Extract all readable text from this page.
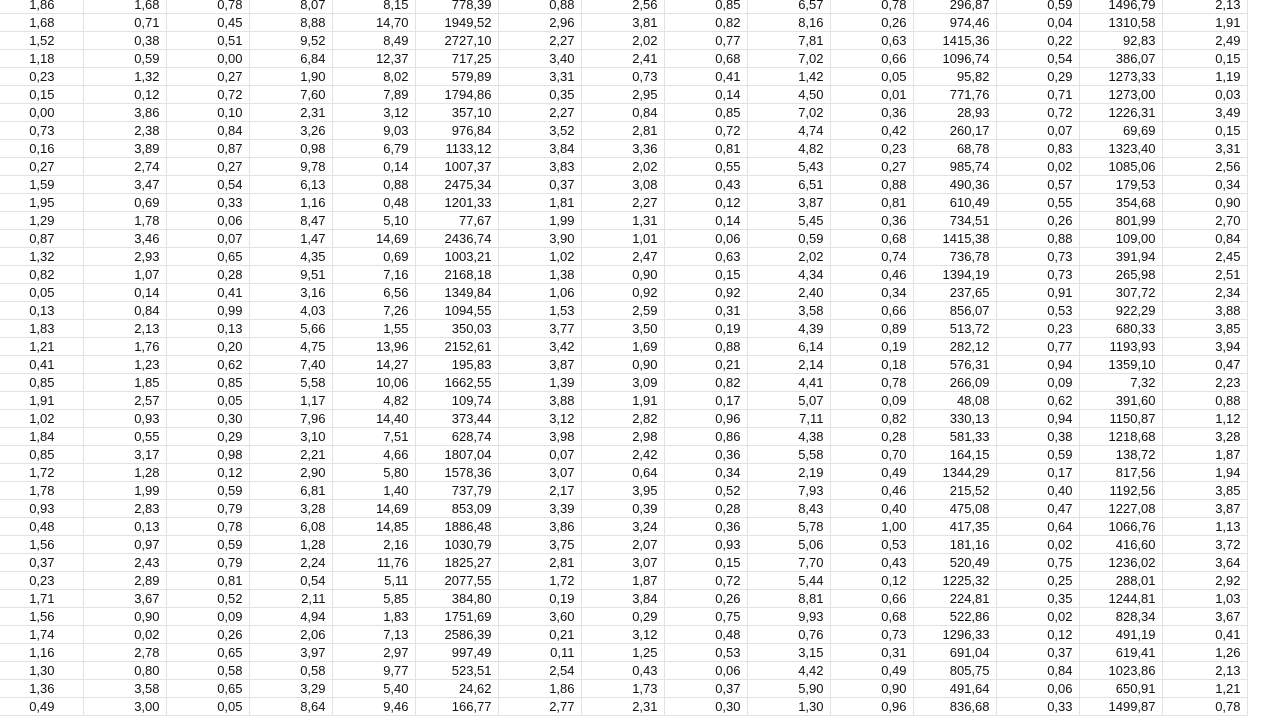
1,86	1,68	0,78	8,07	8,15	778,39	0,88	2,56	0,85	6,57	0,78	296,87	0,59	1496,79	2,13
1,68	0,71	0,45	8,88	14,70	1949,52	2,96	3,81	0,82	8,16	0,26	974,46	0,04	1310,58	1,91
1,52	0,38	0,51	9,52	8,49	2727,10	2,27	2,02	0,77	7,81	0,63	1415,36	0,22	92,83	2,49
1,18	0,59	0,00	6,84	12,37	717,25	3,40	2,41	0,68	7,02	0,66	1096,74	0,54	386,07	0,15
0,23	1,32	0,27	1,90	8,02	579,89	3,31	0,73	0,41	1,42	0,05	95,82	0,29	1273,33	1,19
0,15	0,12	0,72	7,60	7,89	1794,86	0,35	2,95	0,14	4,50	0,01	771,76	0,71	1273,00	0,03
0,00	3,86	0,10	2,31	3,12	357,10	2,27	0,84	0,85	7,02	0,36	28,93	0,72	1226,31	3,49
0,73	2,38	0,84	3,26	9,03	976,84	3,52	2,81	0,72	4,74	0,42	260,17	0,07	69,69	0,15
0,16	3,89	0,87	0,98	6,79	1133,12	3,84	3,36	0,81	4,82	0,23	68,78	0,83	1323,40	3,31
0,27	2,74	0,27	9,78	0,14	1007,37	3,83	2,02	0,55	5,43	0,27	985,74	0,02	1085,06	2,56
1,59	3,47	0,54	6,13	0,88	2475,34	0,37	3,08	0,43	6,51	0,88	490,36	0,57	179,53	0,34
1,95	0,69	0,33	1,16	0,48	1201,33	1,81	2,27	0,12	3,87	0,81	610,49	0,55	354,68	0,90
1,29	1,78	0,06	8,47	5,10	77,67	1,99	1,31	0,14	5,45	0,36	734,51	0,26	801,99	2,70
0,87	3,46	0,07	1,47	14,69	2436,74	3,90	1,01	0,06	0,59	0,68	1415,38	0,88	109,00	0,84
1,32	2,93	0,65	4,35	0,69	1003,21	1,02	2,47	0,63	2,02	0,74	736,78	0,73	391,94	2,45
0,82	1,07	0,28	9,51	7,16	2168,18	1,38	0,90	0,15	4,34	0,46	1394,19	0,73	265,98	2,51
0,05	0,14	0,41	3,16	6,56	1349,84	1,06	0,92	0,92	2,40	0,34	237,65	0,91	307,72	2,34
0,13	0,84	0,99	4,03	7,26	1094,55	1,53	2,59	0,31	3,58	0,66	856,07	0,53	922,29	3,88
1,83	2,13	0,13	5,66	1,55	350,03	3,77	3,50	0,19	4,39	0,89	513,72	0,23	680,33	3,85
1,21	1,76	0,20	4,75	13,96	2152,61	3,42	1,69	0,88	6,14	0,19	282,12	0,77	1193,93	3,94
0,41	1,23	0,62	7,40	14,27	195,83	3,87	0,90	0,21	2,14	0,18	576,31	0,94	1359,10	0,47
0,85	1,85	0,85	5,58	10,06	1662,55	1,39	3,09	0,82	4,41	0,78	266,09	0,09	7,32	2,23
1,91	2,57	0,05	1,17	4,82	109,74	3,88	1,91	0,17	5,07	0,09	48,08	0,62	391,60	0,88
1,02	0,93	0,30	7,96	14,40	373,44	3,12	2,82	0,96	7,11	0,82	330,13	0,94	1150,87	1,12
1,84	0,55	0,29	3,10	7,51	628,74	3,98	2,98	0,86	4,38	0,28	581,33	0,38	1218,68	3,28
0,85	3,17	0,98	2,21	4,66	1807,04	0,07	2,42	0,36	5,58	0,70	164,15	0,59	138,72	1,87
1,72	1,28	0,12	2,90	5,80	1578,36	3,07	0,64	0,34	2,19	0,49	1344,29	0,17	817,56	1,94
1,78	1,99	0,59	6,81	1,40	737,79	2,17	3,95	0,52	7,93	0,46	215,52	0,40	1192,56	3,85
0,93	2,83	0,79	3,28	14,69	853,09	3,39	0,39	0,28	8,43	0,40	475,08	0,47	1227,08	3,87
0,48	0,13	0,78	6,08	14,85	1886,48	3,86	3,24	0,36	5,78	1,00	417,35	0,64	1066,76	1,13
1,56	0,97	0,59	1,28	2,16	1030,79	3,75	2,07	0,93	5,06	0,53	181,16	0,02	416,60	3,72
0,37	2,43	0,79	2,24	11,76	1825,27	2,81	3,07	0,15	7,70	0,43	520,49	0,75	1236,02	3,64
0,23	2,89	0,81	0,54	5,11	2077,55	1,72	1,87	0,72	5,44	0,12	1225,32	0,25	288,01	2,92
1,71	3,67	0,52	2,11	5,85	384,80	0,19	3,84	0,26	8,81	0,66	224,81	0,35	1244,81	1,03
1,56	0,90	0,09	4,94	1,83	1751,69	3,60	0,29	0,75	9,93	0,68	522,86	0,02	828,34	3,67
1,74	0,02	0,26	2,06	7,13	2586,39	0,21	3,12	0,48	0,76	0,73	1296,33	0,12	491,19	0,41
1,16	2,78	0,65	3,97	2,97	997,49	0,11	1,25	0,53	3,15	0,31	691,04	0,37	619,41	1,26
1,30	0,80	0,58	0,58	9,77	523,51	2,54	0,43	0,06	4,42	0,49	805,75	0,84	1023,86	2,13
1,36	3,58	0,65	3,29	5,40	24,62	1,86	1,73	0,37	5,90	0,90	491,64	0,06	650,91	1,21
0,49	3,00	0,05	8,64	9,46	166,77	2,77	2,31	0,30	1,30	0,96	836,68	0,33	1499,87	0,78
